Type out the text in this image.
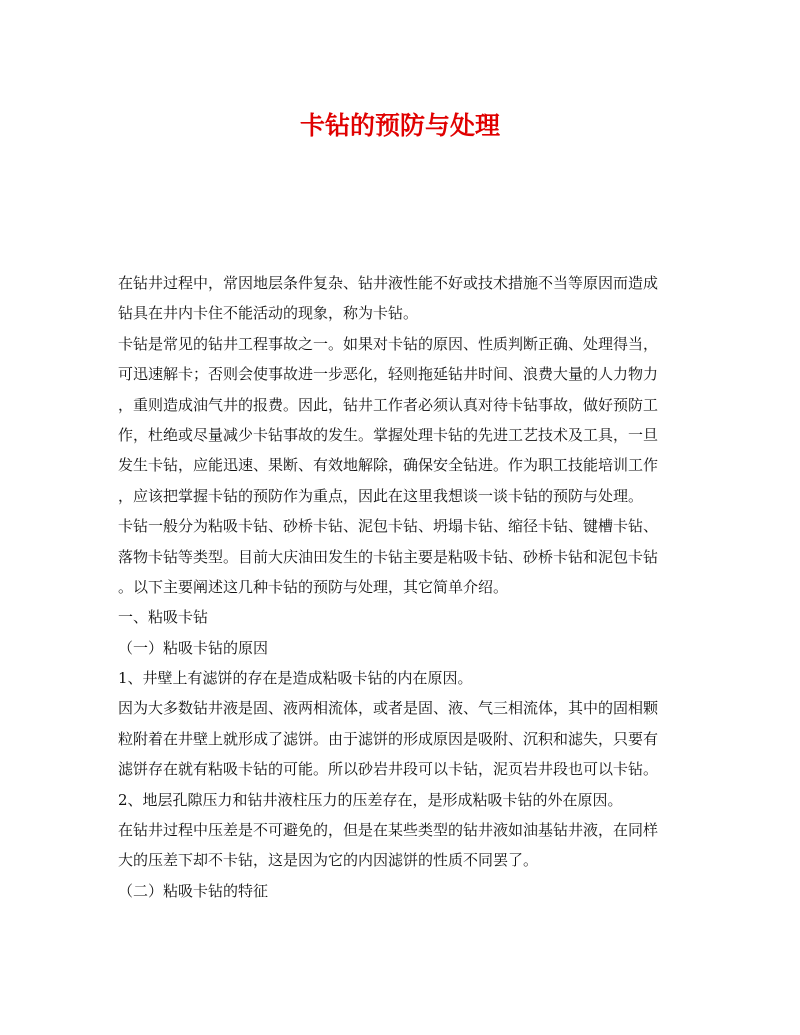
卡钻的预防与处理
在钻井过程中，常因地层条件复杂、钻井液性能不好或技术措施不当等原因而造成
钻具在井内卡住不能活动的现象，称为卡钻。
卡钻是常见的钻井工程事故之一。如果对卡钻的原因、性质判断正确、处理得当，
可迅速解卡；否则会使事故进一步恶化，轻则拖延钻井时间、浪费大量的人力物力
，重则造成油气井的报费。因此，钻井工作者必须认真对待卡钻事故，做好预防工
作，杜绝或尽量减少卡钻事故的发生。掌握处理卡钻的先进工艺技术及工具，一旦
发生卡钻，应能迅速、果断、有效地解除，确保安全钻进。作为职工技能培训工作
，应该把掌握卡钻的预防作为重点，因此在这里我想谈一谈卡钻的预防与处理。
卡钻一般分为粘吸卡钻、砂桥卡钻、泥包卡钻、坍塌卡钻、缩径卡钻、键槽卡钻、
落物卡钻等类型。目前大庆油田发生的卡钻主要是粘吸卡钻、砂桥卡钻和泥包卡钻
。以下主要阐述这几种卡钻的预防与处理，其它简单介绍。
一、粘吸卡钻
（一）粘吸卡钻的原因
1、井壁上有滤饼的存在是造成粘吸卡钻的内在原因。
因为大多数钻井液是固、液两相流体，或者是固、液、气三相流体，其中的固相颗
粒附着在井壁上就形成了滤饼。由于滤饼的形成原因是吸附、沉积和滤失，只要有
滤饼存在就有粘吸卡钻的可能。所以砂岩井段可以卡钻，泥页岩井段也可以卡钻。
2、地层孔隙压力和钻井液柱压力的压差存在，是形成粘吸卡钻的外在原因。
在钻井过程中压差是不可避免的，但是在某些类型的钻井液如油基钻井液，在同样
大的压差下却不卡钻，这是因为它的内因滤饼的性质不同罢了。
（二）粘吸卡钻的特征
